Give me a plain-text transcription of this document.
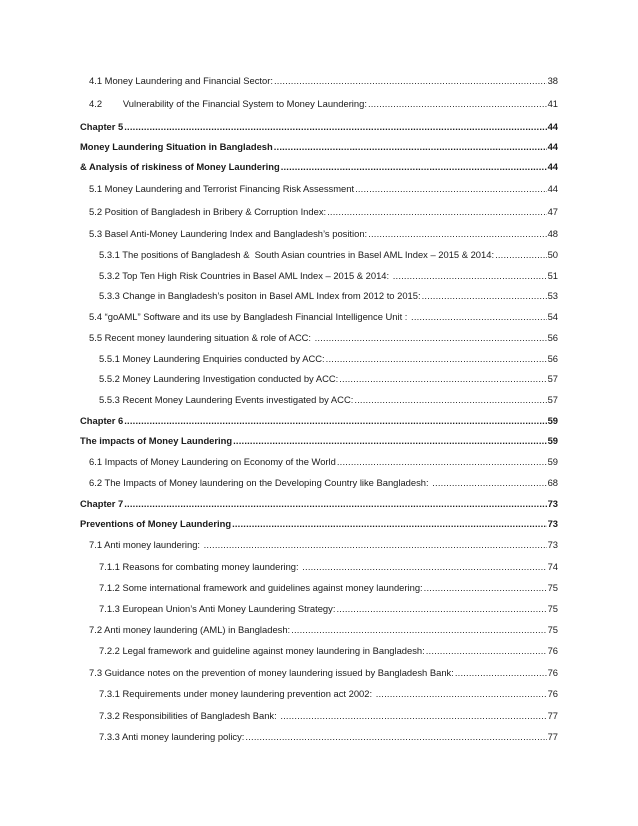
4.1 Money Laundering and Financial Sector: .....	38
4.2        Vulnerability of the Financial System to Money Laundering: .....	41
Chapter 5 .....	44
Money Laundering Situation in Bangladesh .....	44
& Analysis of riskiness of Money Laundering .....	44
5.1 Money Laundering and Terrorist Financing Risk Assessment .....	44
5.2 Position of Bangladesh in Bribery & Corruption Index: .....	47
5.3 Basel Anti-Money Laundering Index and Bangladesh’s position: .....	48
5.3.1 The positions of Bangladesh &  South Asian countries in Basel AML Index – 2015 & 2014: .....	50
5.3.2 Top Ten High Risk Countries in Basel AML Index – 2015 & 2014: .....	51
5.3.3 Change in Bangladesh’s positon in Basel AML Index from 2012 to 2015: .....	53
5.4 “goAML” Software and its use by Bangladesh Financial Intelligence Unit : .....	54
5.5 Recent money laundering situation & role of ACC: .....	56
5.5.1 Money Laundering Enquiries conducted by ACC: .....	56
5.5.2 Money Laundering Investigation conducted by ACC: .....	57
5.5.3 Recent Money Laundering Events investigated by ACC: .....	57
Chapter 6 .....	59
The impacts of Money Laundering .....	59
6.1 Impacts of Money Laundering on Economy of the World .....	59
6.2 The Impacts of Money laundering on the Developing Country like Bangladesh: .....	68
Chapter 7 .....	73
Preventions of Money Laundering .....	73
7.1 Anti money laundering: .....	73
7.1.1 Reasons for combating money laundering: .....	74
7.1.2 Some international framework and guidelines against money laundering: .....	75
7.1.3 European Union’s Anti Money Laundering Strategy: .....	75
7.2 Anti money laundering (AML) in Bangladesh: .....	75
7.2.2 Legal framework and guideline against money laundering in Bangladesh: .....	76
7.3 Guidance notes on the prevention of money laundering issued by Bangladesh Bank: .....	76
7.3.1 Requirements under money laundering prevention act 2002: .....	76
7.3.2 Responsibilities of Bangladesh Bank: .....	77
7.3.3 Anti money laundering policy: .....	77
